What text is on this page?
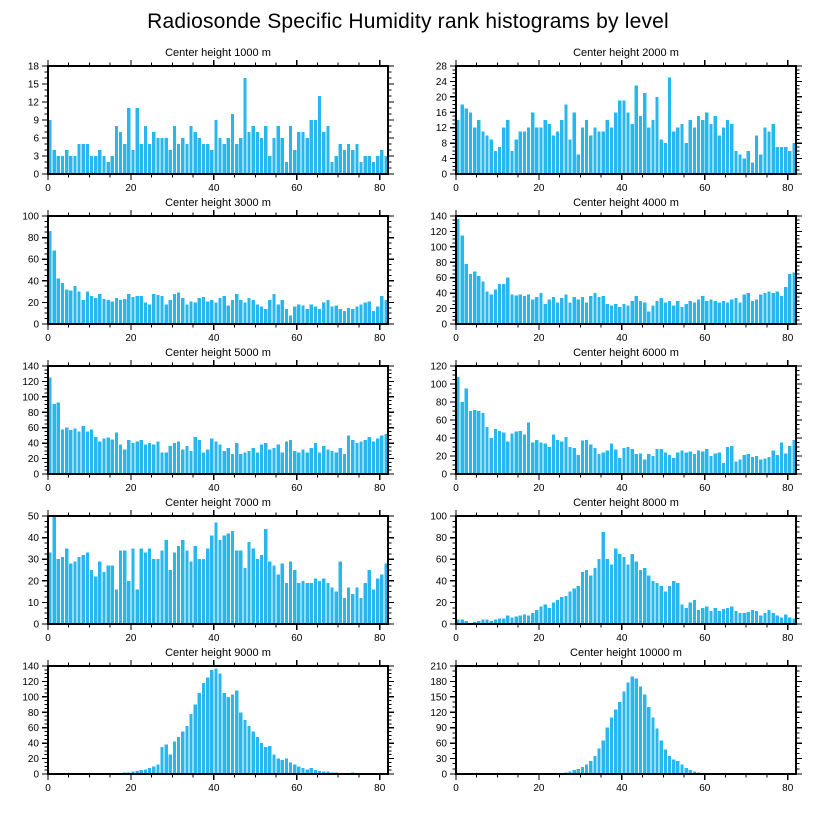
Radiosonde Specific Humidity rank histograms by level
Center height 1000 m
0
3
6
9
12
15
18
0	20	40	60	80
Center height 2000 m
0
4
8
12
16
20
24
28
0	20	40	60	80
Center height 3000 m
0
20
40
60
80
100
0	20	40	60	80
Center height 4000 m
0
20
40
60
80
100
120
140
0	20	40	60	80
Center height 5000 m
0
20
40
60
80
100
120
140
0	20	40	60	80
Center height 6000 m
0
20
40
60
80
100
120
0	20	40	60	80
Center height 7000 m
0
10
20
30
40
50
0	20	40	60	80
Center height 8000 m
0
20
40
60
80
100
0	20	40	60	80
Center height 9000 m
0
20
40
60
80
100
120
140
0	20	40	60	80
Center height 10000 m
0
30
60
90
120
150
180
210
0	20	40	60	80
